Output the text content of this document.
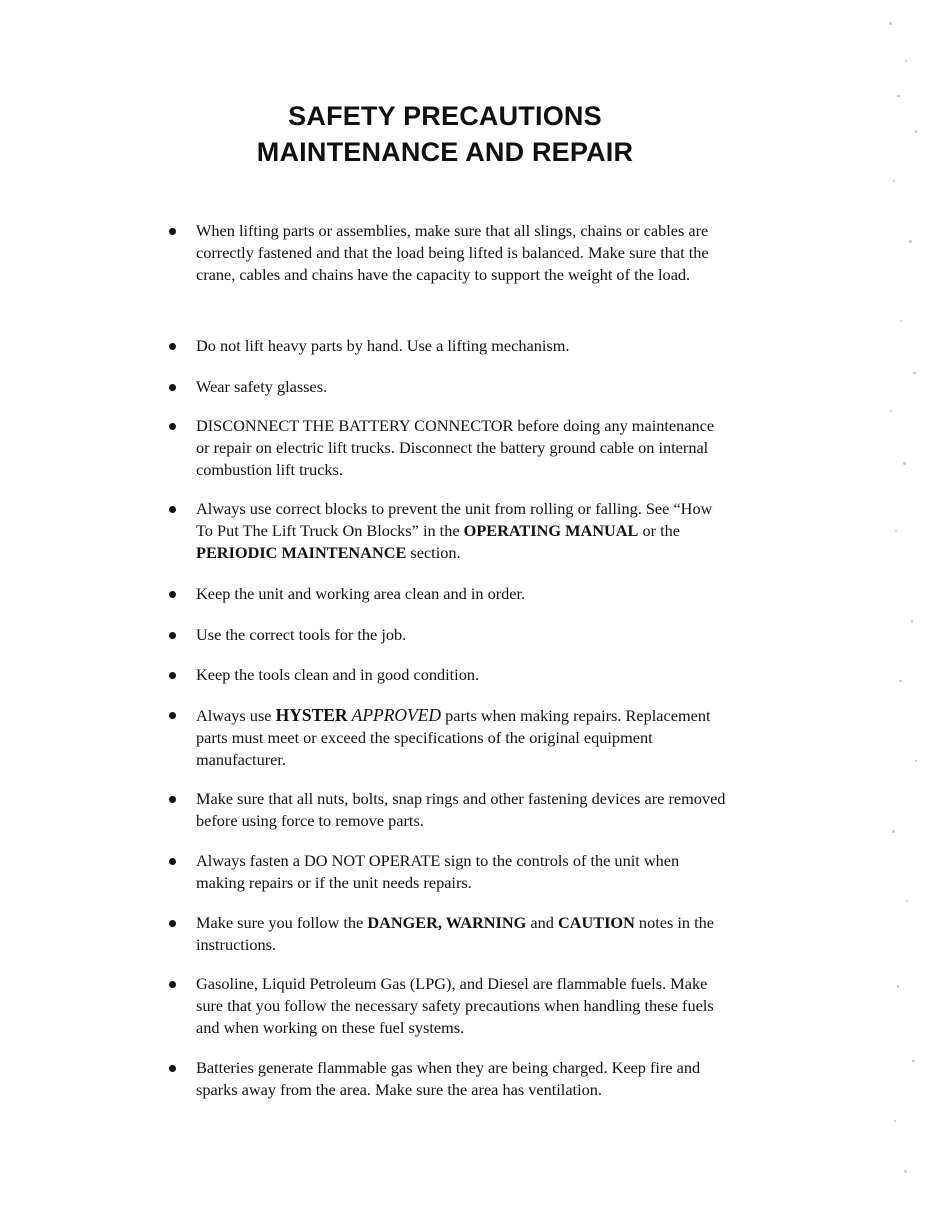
SAFETY PRECAUTIONS
MAINTENANCE AND REPAIR
When lifting parts or assemblies, make sure that all slings, chains or cables are correctly fastened and that the load being lifted is balanced. Make sure that the crane, cables and chains have the capacity to support the weight of the load.
Do not lift heavy parts by hand. Use a lifting mechanism.
Wear safety glasses.
DISCONNECT THE BATTERY CONNECTOR before doing any maintenance or repair on electric lift trucks. Disconnect the battery ground cable on internal combustion lift trucks.
Always use correct blocks to prevent the unit from rolling or falling. See “How To Put The Lift Truck On Blocks” in the OPERATING MANUAL or the PERIODIC MAINTENANCE section.
Keep the unit and working area clean and in order.
Use the correct tools for the job.
Keep the tools clean and in good condition.
Always use HYSTER APPROVED parts when making repairs. Replacement parts must meet or exceed the specifications of the original equipment manufacturer.
Make sure that all nuts, bolts, snap rings and other fastening devices are removed before using force to remove parts.
Always fasten a DO NOT OPERATE sign to the controls of the unit when making repairs or if the unit needs repairs.
Make sure you follow the DANGER, WARNING and CAUTION notes in the instructions.
Gasoline, Liquid Petroleum Gas (LPG), and Diesel are flammable fuels. Make sure that you follow the necessary safety precautions when handling these fuels and when working on these fuel systems.
Batteries generate flammable gas when they are being charged. Keep fire and sparks away from the area. Make sure the area has ventilation.
